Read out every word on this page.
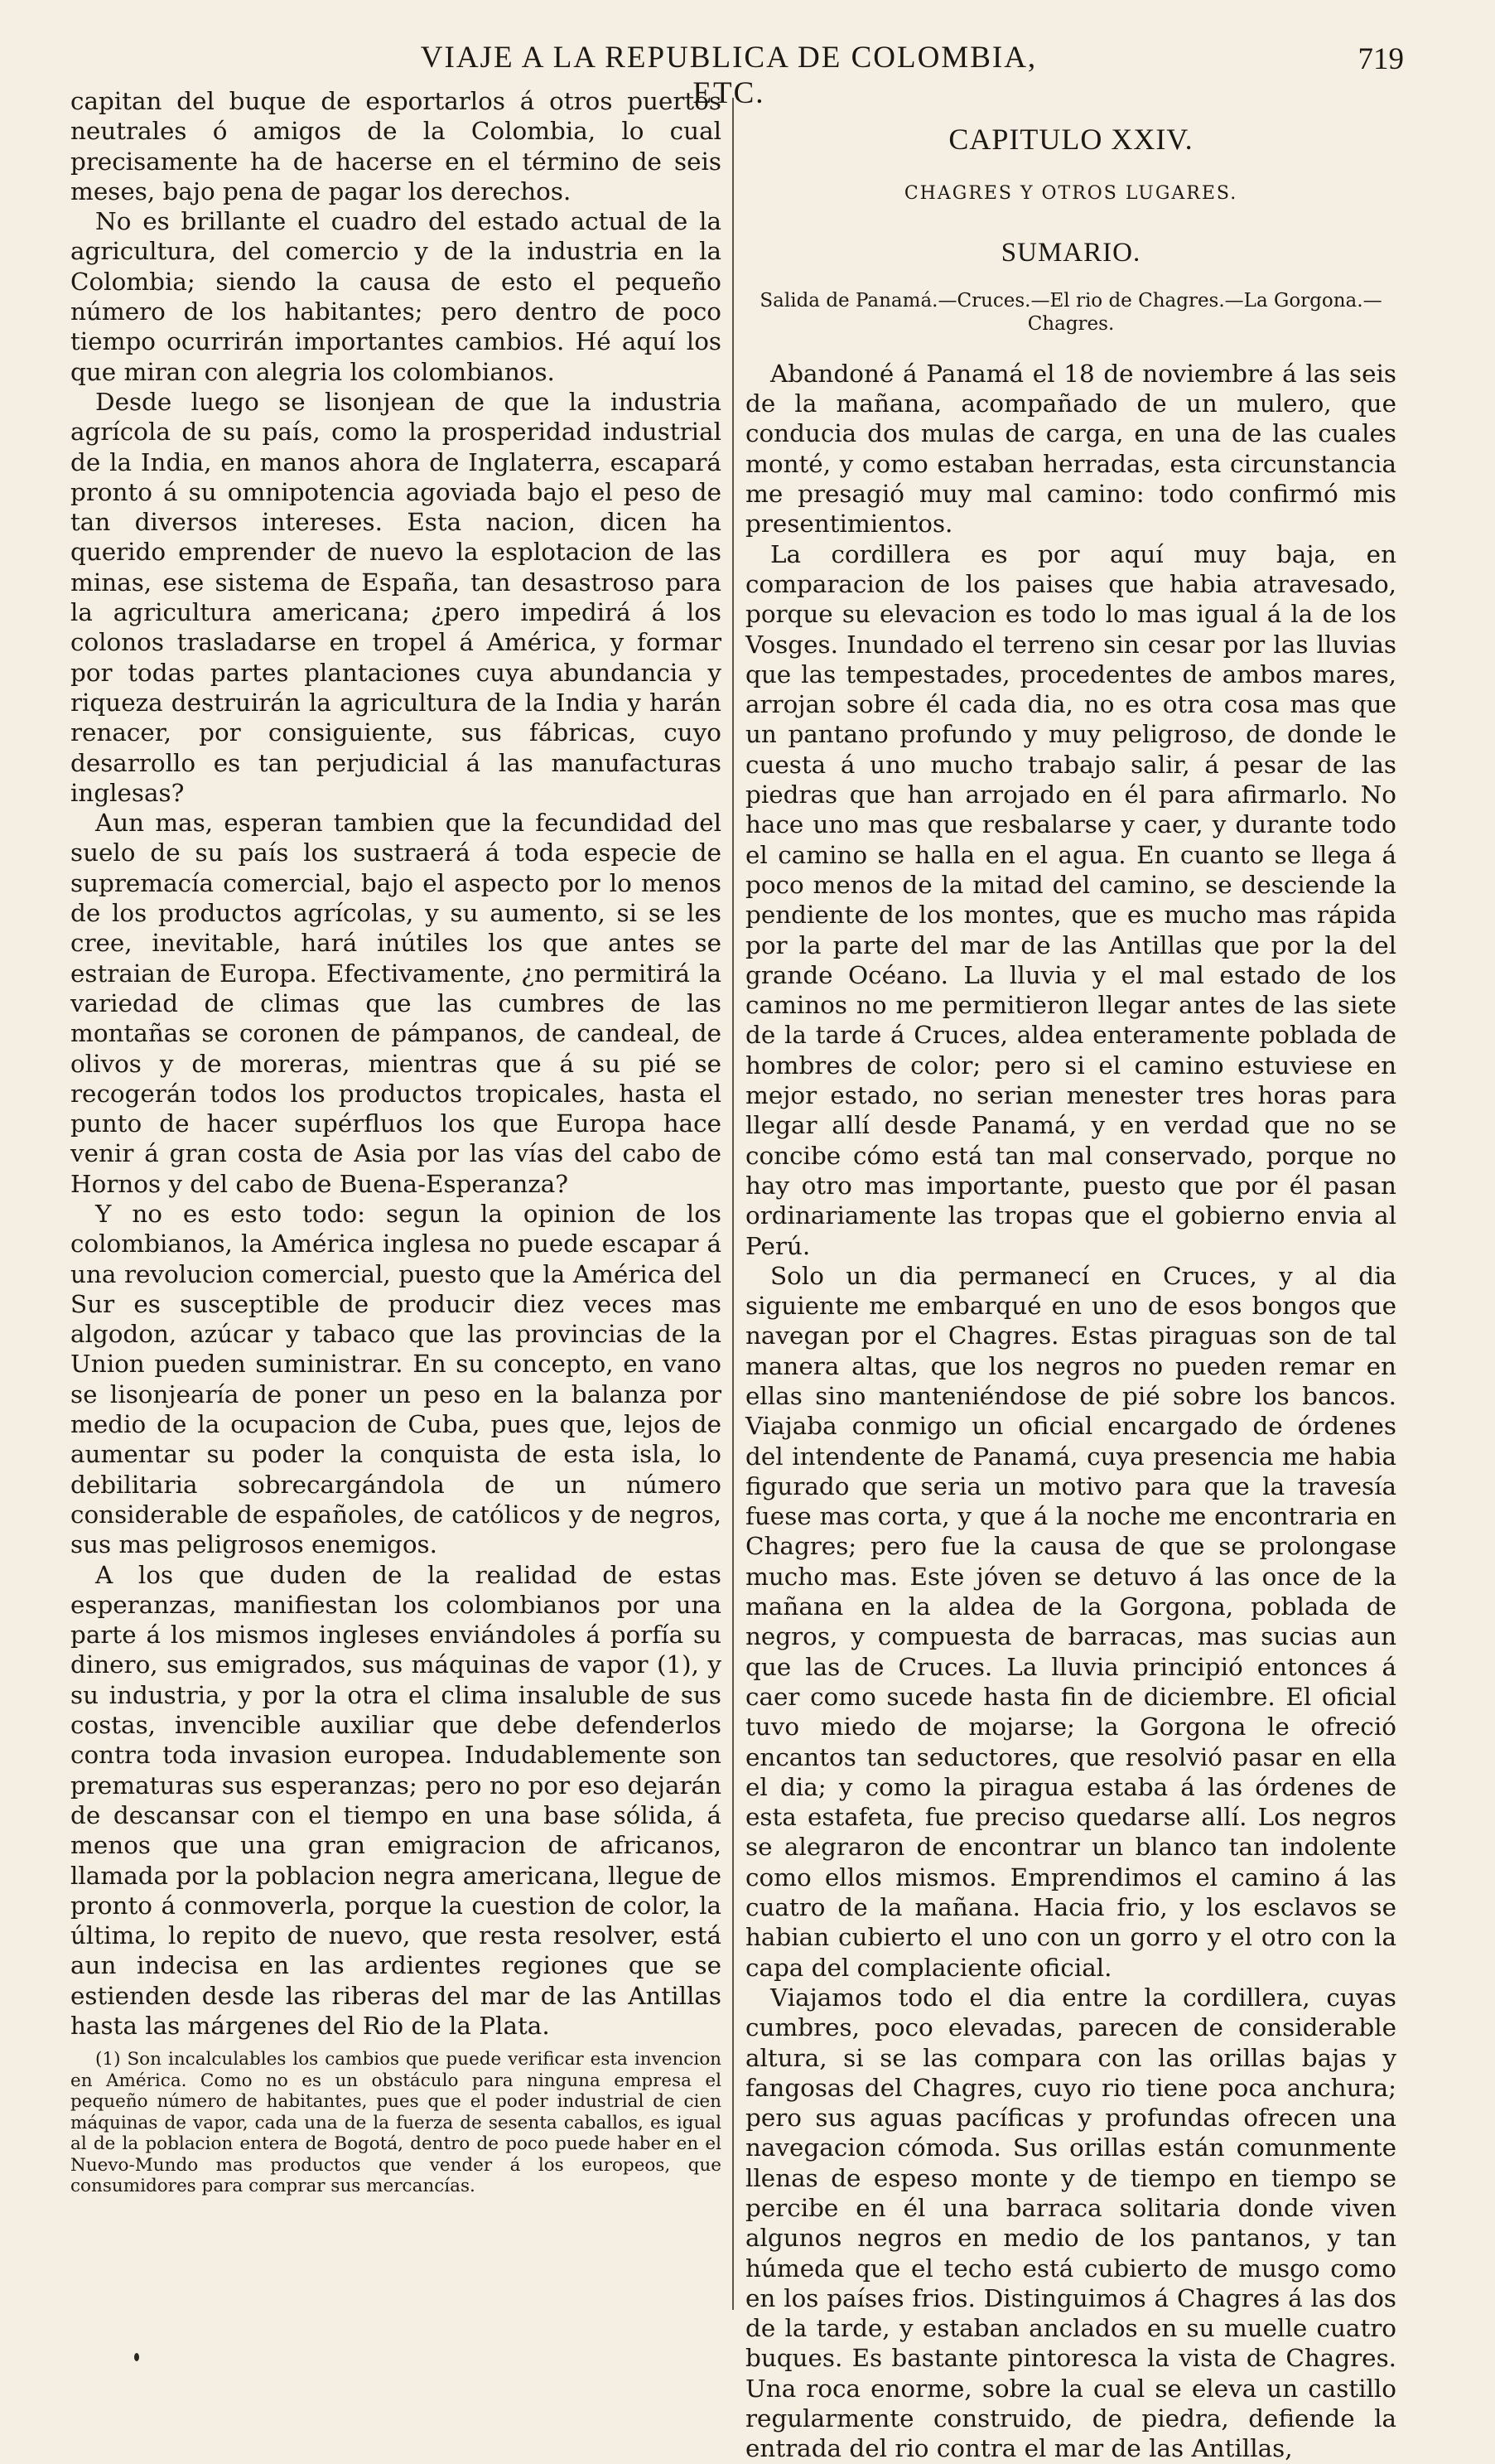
VIAJE A LA REPUBLICA DE COLOMBIA, ETC.
719

capitan del buque de esportarlos á otros puertos neutrales ó amigos de la Colombia, lo cual precisamente ha de hacerse en el término de seis meses, bajo pena de pagar los derechos.

No es brillante el cuadro del estado actual de la agricultura, del comercio y de la industria en la Colombia; siendo la causa de esto el pequeño número de los habitantes; pero dentro de poco tiempo ocurrirán importantes cambios. Hé aquí los que miran con alegria los colombianos.

Desde luego se lisonjean de que la industria agrícola de su país, como la prosperidad industrial de la India, en manos ahora de Inglaterra, escapará pronto á su omnipotencia agoviada bajo el peso de tan diversos intereses. Esta nacion, dicen ha querido emprender de nuevo la esplotacion de las minas, ese sistema de España, tan desastroso para la agricultura americana; ¿pero impedirá á los colonos trasladarse en tropel á América, y formar por todas partes plantaciones cuya abundancia y riqueza destruirán la agricultura de la India y harán renacer, por consiguiente, sus fábricas, cuyo desarrollo es tan perjudicial á las manufacturas inglesas?

Aun mas, esperan tambien que la fecundidad del suelo de su país los sustraerá á toda especie de supremacía comercial, bajo el aspecto por lo menos de los productos agrícolas, y su aumento, si se les cree, inevitable, hará inútiles los que antes se estraian de Europa. Efectivamente, ¿no permitirá la variedad de climas que las cumbres de las montañas se coronen de pámpanos, de candeal, de olivos y de moreras, mientras que á su pié se recogerán todos los productos tropicales, hasta el punto de hacer supérfluos los que Europa hace venir á gran costa de Asia por las vías del cabo de Hornos y del cabo de Buena-Esperanza?

Y no es esto todo: segun la opinion de los colombianos, la América inglesa no puede escapar á una revolucion comercial, puesto que la América del Sur es susceptible de producir diez veces mas algodon, azúcar y tabaco que las provincias de la Union pueden suministrar. En su concepto, en vano se lisonjearía de poner un peso en la balanza por medio de la ocupacion de Cuba, pues que, lejos de aumentar su poder la conquista de esta isla, lo debilitaria sobrecargándola de un número considerable de españoles, de católicos y de negros, sus mas peligrosos enemigos.

A los que duden de la realidad de estas esperanzas, manifiestan los colombianos por una parte á los mismos ingleses enviándoles á porfía su dinero, sus emigrados, sus máquinas de vapor (1), y su industria, y por la otra el clima insaluble de sus costas, invencible auxiliar que debe defenderlos contra toda invasion europea. Indudablemente son prematuras sus esperanzas; pero no por eso dejarán de descansar con el tiempo en una base sólida, á menos que una gran emigracion de africanos, llamada por la poblacion negra americana, llegue de pronto á conmoverla, porque la cuestion de color, la última, lo repito de nuevo, que resta resolver, está aun indecisa en las ardientes regiones que se estienden desde las riberas del mar de las Antillas hasta las márgenes del Rio de la Plata.

(1) Son incalculables los cambios que puede verificar esta invencion en América. Como no es un obstáculo para ninguna empresa el pequeño número de habitantes, pues que el poder industrial de cien máquinas de vapor, cada una de la fuerza de sesenta caballos, es igual al de la poblacion entera de Bogotá, dentro de poco puede haber en el Nuevo-Mundo mas productos que vender á los europeos, que consumidores para comprar sus mercancías.

CAPITULO XXIV.
CHAGRES Y OTROS LUGARES.
SUMARIO.
Salida de Panamá.—Cruces.—El rio de Chagres.—La Gorgona.—Chagres.

Abandoné á Panamá el 18 de noviembre á las seis de la mañana, acompañado de un mulero, que conducia dos mulas de carga, en una de las cuales monté, y como estaban herradas, esta circunstancia me presagió muy mal camino: todo confirmó mis presentimientos.

La cordillera es por aquí muy baja, en comparacion de los paises que habia atravesado, porque su elevacion es todo lo mas igual á la de los Vosges. Inundado el terreno sin cesar por las lluvias que las tempestades, procedentes de ambos mares, arrojan sobre él cada dia, no es otra cosa mas que un pantano profundo y muy peligroso, de donde le cuesta á uno mucho trabajo salir, á pesar de las piedras que han arrojado en él para afirmarlo. No hace uno mas que resbalarse y caer, y durante todo el camino se halla en el agua. En cuanto se llega á poco menos de la mitad del camino, se desciende la pendiente de los montes, que es mucho mas rápida por la parte del mar de las Antillas que por la del grande Océano. La lluvia y el mal estado de los caminos no me permitieron llegar antes de las siete de la tarde á Cruces, aldea enteramente poblada de hombres de color; pero si el camino estuviese en mejor estado, no serian menester tres horas para llegar allí desde Panamá, y en verdad que no se concibe cómo está tan mal conservado, porque no hay otro mas importante, puesto que por él pasan ordinariamente las tropas que el gobierno envia al Perú.

Solo un dia permanecí en Cruces, y al dia siguiente me embarqué en uno de esos bongos que navegan por el Chagres. Estas piraguas son de tal manera altas, que los negros no pueden remar en ellas sino manteniéndose de pié sobre los bancos. Viajaba conmigo un oficial encargado de órdenes del intendente de Panamá, cuya presencia me habia figurado que seria un motivo para que la travesía fuese mas corta, y que á la noche me encontraria en Chagres; pero fue la causa de que se prolongase mucho mas. Este jóven se detuvo á las once de la mañana en la aldea de la Gorgona, poblada de negros, y compuesta de barracas, mas sucias aun que las de Cruces. La lluvia principió entonces á caer como sucede hasta fin de diciembre. El oficial tuvo miedo de mojarse; la Gorgona le ofreció encantos tan seductores, que resolvió pasar en ella el dia; y como la piragua estaba á las órdenes de esta estafeta, fue preciso quedarse allí. Los negros se alegraron de encontrar un blanco tan indolente como ellos mismos. Emprendimos el camino á las cuatro de la mañana. Hacia frio, y los esclavos se habian cubierto el uno con un gorro y el otro con la capa del complaciente oficial.

Viajamos todo el dia entre la cordillera, cuyas cumbres, poco elevadas, parecen de considerable altura, si se las compara con las orillas bajas y fangosas del Chagres, cuyo rio tiene poca anchura; pero sus aguas pacíficas y profundas ofrecen una navegacion cómoda. Sus orillas están comunmente llenas de espeso monte y de tiempo en tiempo se percibe en él una barraca solitaria donde viven algunos negros en medio de los pantanos, y tan húmeda que el techo está cubierto de musgo como en los países frios. Distinguimos á Chagres á las dos de la tarde, y estaban anclados en su muelle cuatro buques. Es bastante pintoresca la vista de Chagres. Una roca enorme, sobre la cual se eleva un castillo regularmente construido, de piedra, defiende la entrada del rio contra el mar de las Antillas,
